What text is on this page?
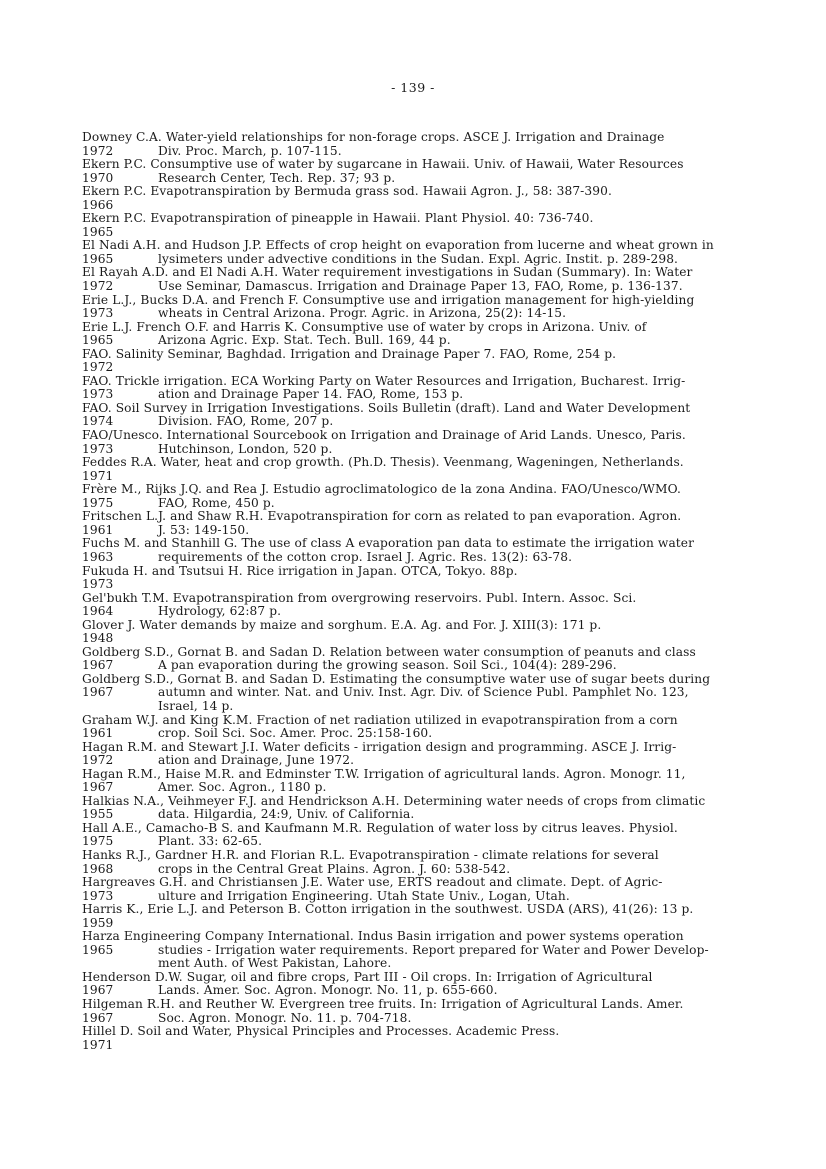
- 139 -
Downey C.A. Water-yield relationships for non-forage crops. ASCE J. Irrigation and Drainage
1972	Div. Proc. March, p. 107-115.
Ekern P.C. Consumptive use of water by sugarcane in Hawaii. Univ. of Hawaii, Water Resources
1970	Research Center, Tech. Rep. 37; 93 p.
Ekern P.C. Evapotranspiration by Bermuda grass sod. Hawaii Agron. J., 58: 387-390.
1966
Ekern P.C. Evapotranspiration of pineapple in Hawaii. Plant Physiol. 40: 736-740.
1965
El Nadi A.H. and Hudson J.P. Effects of crop height on evaporation from lucerne and wheat grown in
1965	lysimeters under advective conditions in the Sudan. Expl. Agric. Instit. p. 289-298.
El Rayah A.D. and El Nadi A.H. Water requirement investigations in Sudan (Summary). In: Water
1972	Use Seminar, Damascus. Irrigation and Drainage Paper 13, FAO, Rome, p. 136-137.
Erie L.J., Bucks D.A. and French F. Consumptive use and irrigation management for high-yielding
1973	wheats in Central Arizona. Progr. Agric. in Arizona, 25(2): 14-15.
Erie L.J. French O.F. and Harris K. Consumptive use of water by crops in Arizona. Univ. of
1965	Arizona Agric. Exp. Stat. Tech. Bull. 169, 44 p.
FAO. Salinity Seminar, Baghdad. Irrigation and Drainage Paper 7. FAO, Rome, 254 p.
1972
FAO. Trickle irrigation. ECA Working Party on Water Resources and Irrigation, Bucharest. Irrig-
1973	ation and Drainage Paper 14. FAO, Rome, 153 p.
FAO. Soil Survey in Irrigation Investigations. Soils Bulletin (draft). Land and Water Development
1974	Division. FAO, Rome, 207 p.
FAO/Unesco. International Sourcebook on Irrigation and Drainage of Arid Lands. Unesco, Paris.
1973	Hutchinson, London, 520 p.
Feddes R.A. Water, heat and crop growth. (Ph.D. Thesis). Veenmang, Wageningen, Netherlands.
1971
Frère M., Rijks J.Q. and Rea J. Estudio agroclimatologico de la zona Andina. FAO/Unesco/WMO.
1975	FAO, Rome, 450 p.
Fritschen L.J. and Shaw R.H. Evapotranspiration for corn as related to pan evaporation. Agron.
1961	J. 53: 149-150.
Fuchs M. and Stanhill G. The use of class A evaporation pan data to estimate the irrigation water
1963	requirements of the cotton crop. Israel J. Agric. Res. 13(2): 63-78.
Fukuda H. and Tsutsui H. Rice irrigation in Japan. OTCA, Tokyo. 88p.
1973
Gel'bukh T.M. Evapotranspiration from overgrowing reservoirs. Publ. Intern. Assoc. Sci.
1964	Hydrology, 62:87 p.
Glover J. Water demands by maize and sorghum. E.A. Ag. and For. J. XIII(3): 171 p.
1948
Goldberg S.D., Gornat B. and Sadan D. Relation between water consumption of peanuts and class
1967	A pan evaporation during the growing season. Soil Sci., 104(4): 289-296.
Goldberg S.D., Gornat B. and Sadan D. Estimating the consumptive water use of sugar beets during
1967	autumn and winter. Nat. and Univ. Inst. Agr. Div. of Science Publ. Pamphlet No. 123,
Israel, 14 p.
Graham W.J. and King K.M. Fraction of net radiation utilized in evapotranspiration from a corn
1961	crop. Soil Sci. Soc. Amer. Proc. 25:158-160.
Hagan R.M. and Stewart J.I. Water deficits - irrigation design and programming. ASCE J. Irrig-
1972	ation and Drainage, June 1972.
Hagan R.M., Haise M.R. and Edminster T.W. Irrigation of agricultural lands. Agron. Monogr. 11,
1967	Amer. Soc. Agron., 1180 p.
Halkias N.A., Veihmeyer F.J. and Hendrickson A.H. Determining water needs of crops from climatic
1955	data. Hilgardia, 24:9, Univ. of California.
Hall A.E., Camacho-B S. and Kaufmann M.R. Regulation of water loss by citrus leaves. Physiol.
1975	Plant. 33: 62-65.
Hanks R.J., Gardner H.R. and Florian R.L. Evapotranspiration - climate relations for several
1968	crops in the Central Great Plains. Agron. J. 60: 538-542.
Hargreaves G.H. and Christiansen J.E. Water use, ERTS readout and climate. Dept. of Agric-
1973	ulture and Irrigation Engineering. Utah State Univ., Logan, Utah.
Harris K., Erie L.J. and Peterson B. Cotton irrigation in the southwest. USDA (ARS), 41(26): 13 p.
1959
Harza Engineering Company International. Indus Basin irrigation and power systems operation
1965	studies - Irrigation water requirements. Report prepared for Water and Power Develop-
ment Auth. of West Pakistan, Lahore.
Henderson D.W. Sugar, oil and fibre crops, Part III - Oil crops. In: Irrigation of Agricultural
1967	Lands. Amer. Soc. Agron. Monogr. No. 11, p. 655-660.
Hilgeman R.H. and Reuther W. Evergreen tree fruits. In: Irrigation of Agricultural Lands. Amer.
1967	Soc. Agron. Monogr. No. 11. p. 704-718.
Hillel D. Soil and Water, Physical Principles and Processes. Academic Press.
1971
